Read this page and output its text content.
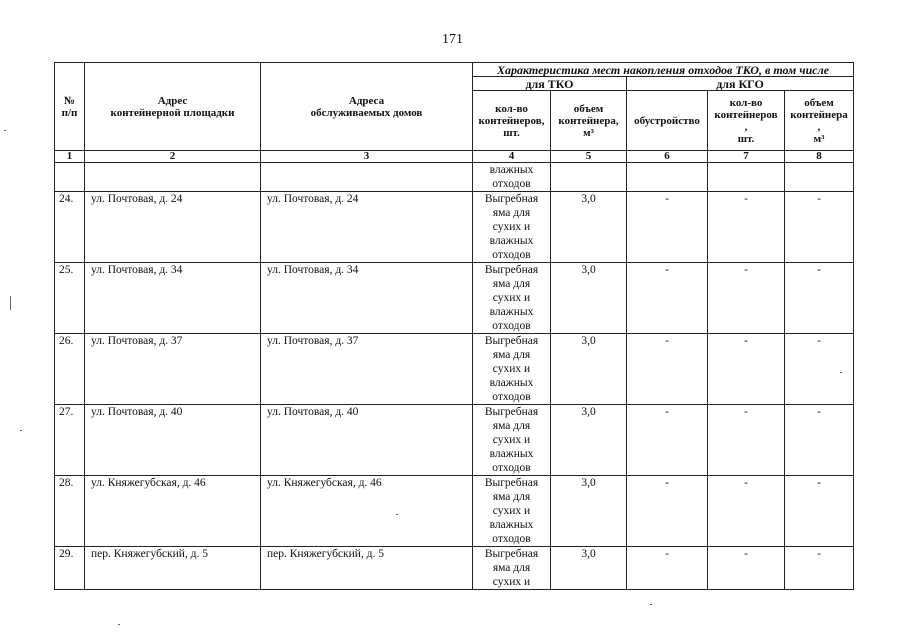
171
№
п/п	Адрес
контейнерной площадки	Адреса
обслуживаемых домов	Характеристика мест накопления отходов ТКО, в том числе				
			для ТКО		для КГО		
			кол-во
контейнеров,
шт.	объем
контейнера,
м³	обустройство	кол-во
контейнеров
,
шт.	объем
контейнера
,
м³
1	2	3	4	5	6	7	8
			влажных
отходов				
24.	ул. Почтовая, д. 24	ул. Почтовая, д. 24	Выгребная
яма для
сухих и
влажных
отходов	3,0	-	-	-
25.	ул. Почтовая, д. 34	ул. Почтовая, д. 34	Выгребная
яма для
сухих и
влажных
отходов	3,0	-	-	-
26.	ул. Почтовая, д. 37	ул. Почтовая, д. 37	Выгребная
яма для
сухих и
влажных
отходов	3,0	-	-	-
27.	ул. Почтовая, д. 40	ул. Почтовая, д. 40	Выгребная
яма для
сухих и
влажных
отходов	3,0	-	-	-
28.	ул. Княжегубская, д. 46	ул. Княжегубская, д. 46	Выгребная
яма для
сухих и
влажных
отходов	3,0	-	-	-
29.	пер. Княжегубский, д. 5	пер. Княжегубский, д. 5	Выгребная
яма для
сухих и	3,0	-	-	-
